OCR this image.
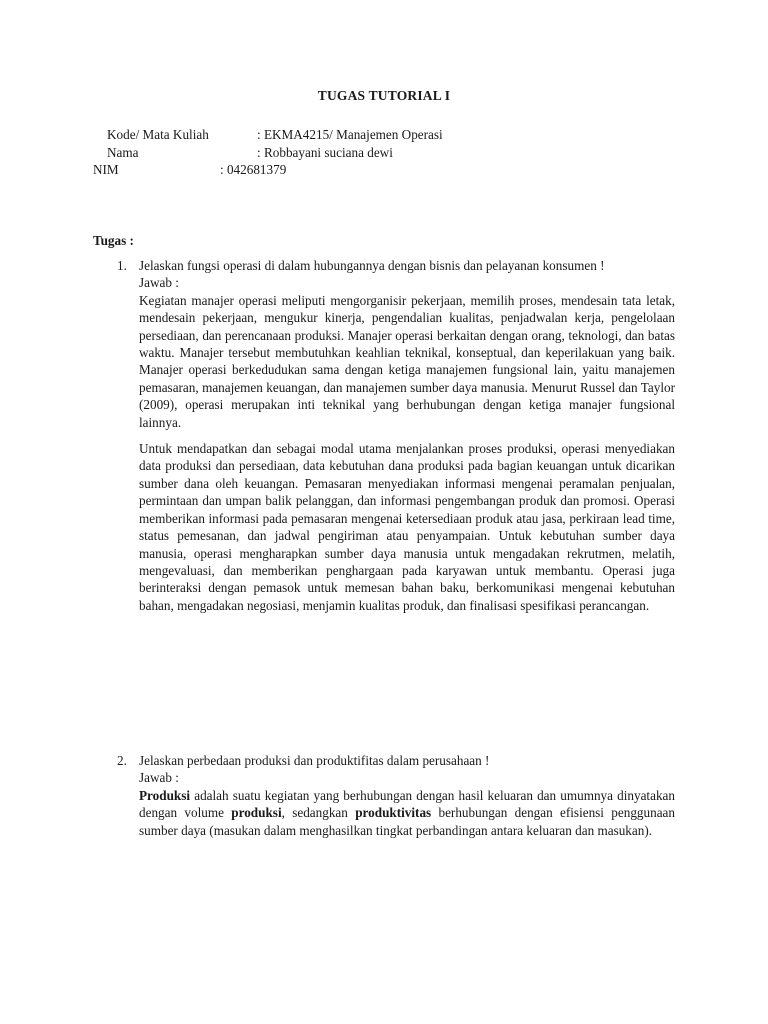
TUGAS TUTORIAL I
Kode/ Mata Kuliah	: EKMA4215/ Manajemen Operasi
Nama	: Robbayani suciana dewi
NIM	: 042681379
Tugas :
1. Jelaskan fungsi operasi di dalam hubungannya dengan bisnis dan pelayanan konsumen !
Jawab :

Kegiatan manajer operasi meliputi mengorganisir pekerjaan, memilih proses, mendesain tata letak, mendesain pekerjaan, mengukur kinerja, pengendalian kualitas, penjadwalan kerja, pengelolaan persediaan, dan perencanaan produksi. Manajer operasi berkaitan dengan orang, teknologi, dan batas waktu. Manajer tersebut membutuhkan keahlian teknikal, konseptual, dan keperilakuan yang baik. Manajer operasi berkedudukan sama dengan ketiga manajemen fungsional lain, yaitu manajemen pemasaran, manajemen keuangan, dan manajemen sumber daya manusia. Menurut Russel dan Taylor (2009), operasi merupakan inti teknikal yang berhubungan dengan ketiga manajer fungsional lainnya.

Untuk mendapatkan dan sebagai modal utama menjalankan proses produksi, operasi menyediakan data produksi dan persediaan, data kebutuhan dana produksi pada bagian keuangan untuk dicarikan sumber dana oleh keuangan. Pemasaran menyediakan informasi mengenai peramalan penjualan, permintaan dan umpan balik pelanggan, dan informasi pengembangan produk dan promosi. Operasi memberikan informasi pada pemasaran mengenai ketersediaan produk atau jasa, perkiraan lead time, status pemesanan, dan jadwal pengiriman atau penyampaian. Untuk kebutuhan sumber daya manusia, operasi mengharapkan sumber daya manusia untuk mengadakan rekrutmen, melatih, mengevaluasi, dan memberikan penghargaan pada karyawan untuk membantu. Operasi juga berinteraksi dengan pemasok untuk memesan bahan baku, berkomunikasi mengenai kebutuhan bahan, mengadakan negosiasi, menjamin kualitas produk, dan finalisasi spesifikasi perancangan.

2. Jelaskan perbedaan produksi dan produktifitas dalam perusahaan !
Jawab :

Produksi adalah suatu kegiatan yang berhubungan dengan hasil keluaran dan umumnya dinyatakan dengan volume produksi, sedangkan produktivitas berhubungan dengan efisiensi penggunaan sumber daya (masukan dalam menghasilkan tingkat perbandingan antara keluaran dan masukan).
